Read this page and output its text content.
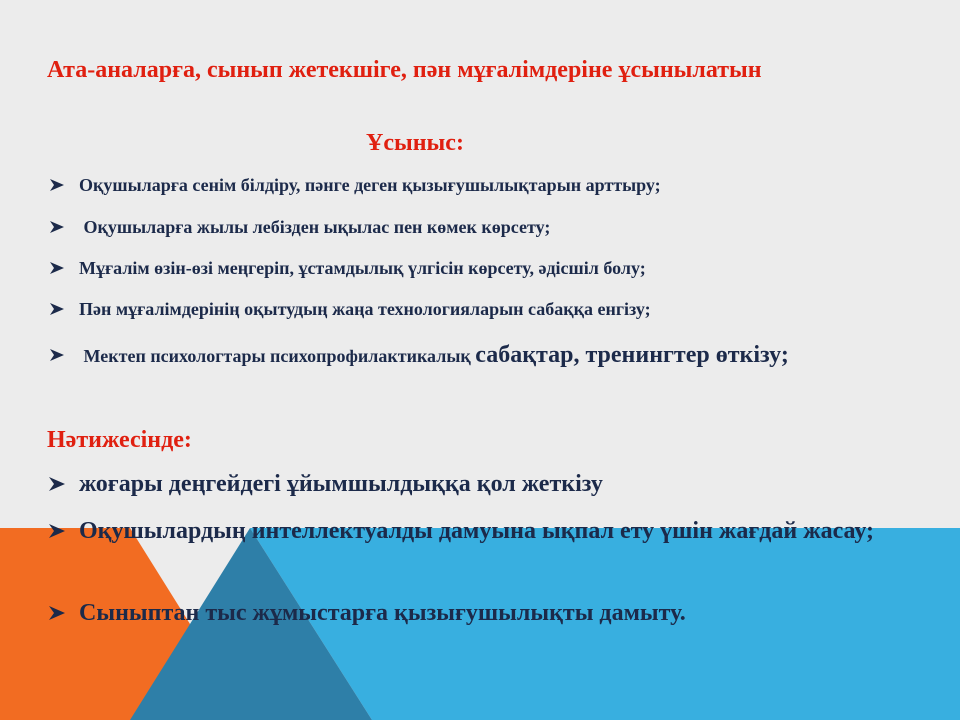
Ата-аналарға, сынып жетекшіге, пән мұғалімдеріне ұсынылатын

Ұсыныс:

Оқушыларға сенім білдіру, пәнге деген қызығушылықтарын арттыру;
Оқушыларға жылы лебізден ықылас пен көмек көрсету;
Мұғалім өзін-өзі меңгеріп, ұстамдылық үлгісін көрсету, әдісшіл болу;
Пән мұғалімдерінің оқытудың жаңа технологияларын сабаққа енгізу;
Мектеп психологтары психопрофилактикалық сабақтар, тренингтер өткізу;

Нәтижесінде:

жоғары деңгейдегі ұйымшылдыққа қол жеткізу
Оқушылардың интеллектуалды дамуына ықпал ету үшін жағдай жасау;
Сыныптан тыс жұмыстарға қызығушылықты дамыту.
